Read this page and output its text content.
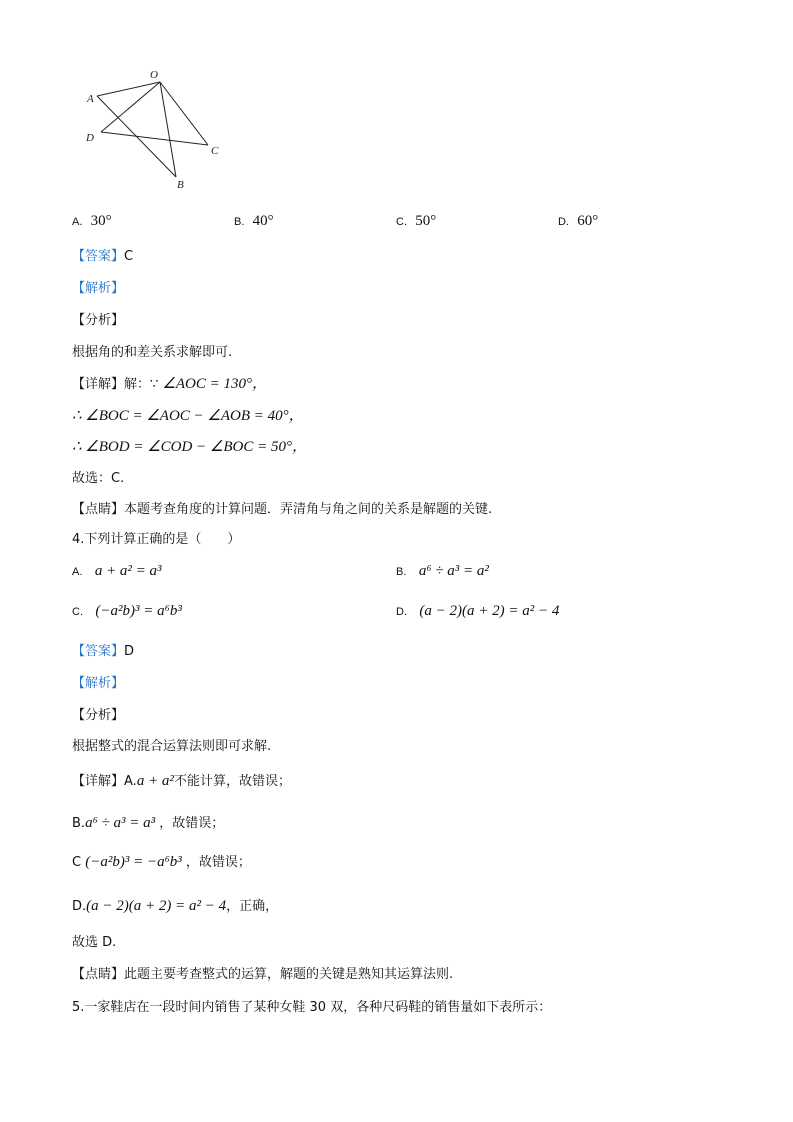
O
A
D
C
B
A. 30°	B. 40°	C. 50°	D. 60°
【答案】C
【解析】
【分析】
根据角的和差关系求解即可.
【详解】解：∵ ∠AOC = 130°，
∴ ∠BOC = ∠AOC − ∠AOB = 40°，
∴ ∠BOD = ∠COD − ∠BOC = 50°，
故选：C.
【点睛】本题考查角度的计算问题．弄清角与角之间的关系是解题的关键.
4.下列计算正确的是（　　）
A. a + a² = a³	B. a⁶ ÷ a³ = a²
C. (−a²b)³ = a⁶b³	D. (a − 2)(a + 2) = a² − 4
【答案】D
【解析】
【分析】
根据整式的混合运算法则即可求解.
【详解】A.a + a²不能计算，故错误；
B.a⁶ ÷ a³ = a³ ，故错误；
C (−a²b)³ = −a⁶b³ ，故错误；
D.(a − 2)(a + 2) = a² − 4，正确，
故选 D.
【点睛】此题主要考查整式的运算，解题的关键是熟知其运算法则.
5.一家鞋店在一段时间内销售了某种女鞋 30 双，各种尺码鞋的销售量如下表所示：
